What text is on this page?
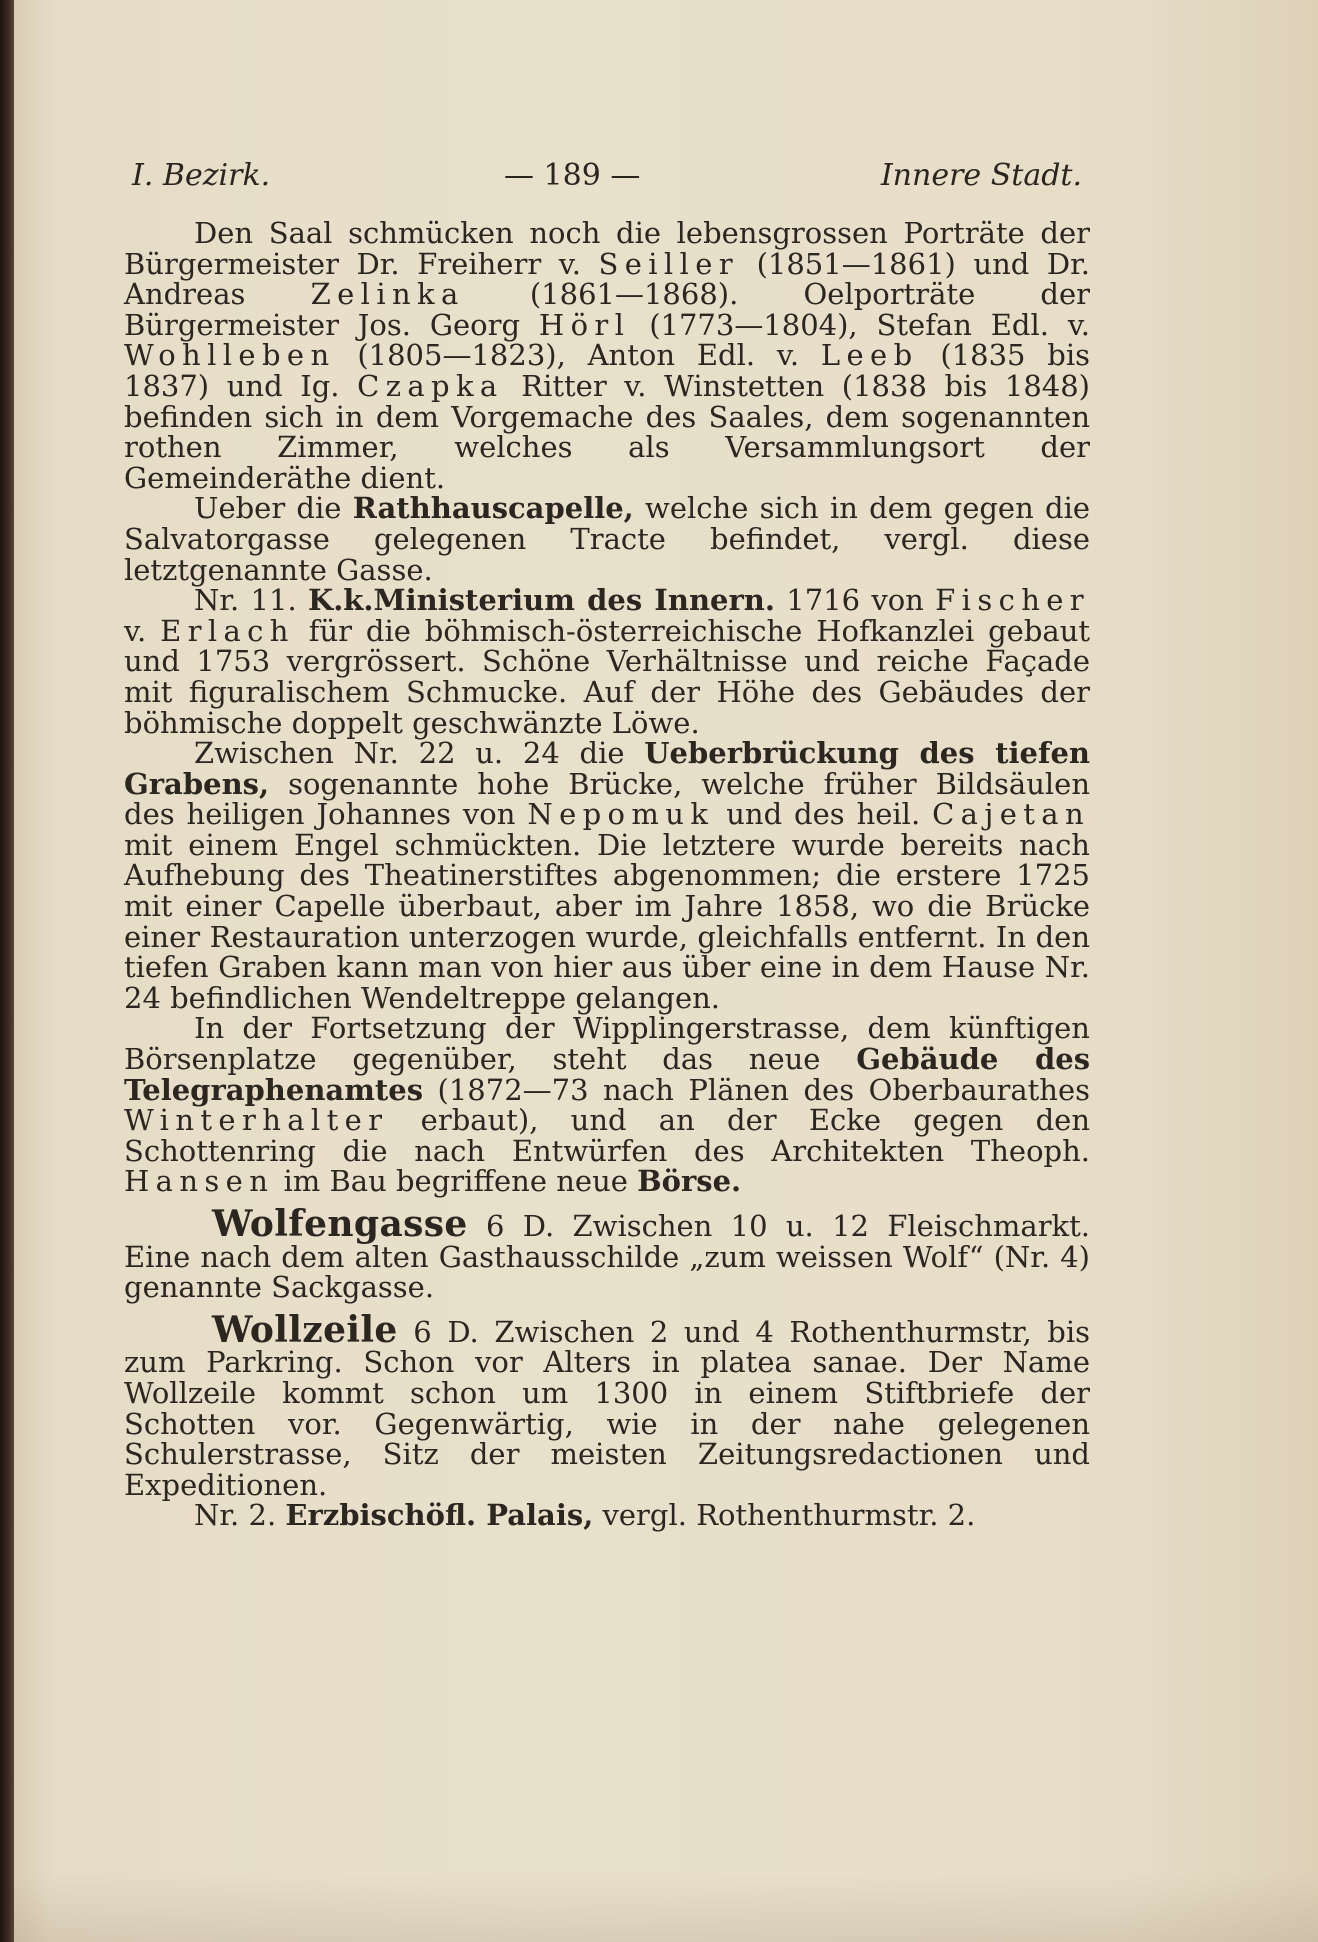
I. Bezirk.	— 189 —	Innere Stadt.
Den Saal schmücken noch die lebensgrossen Porträte der Bürgermeister Dr. Freiherr v. Seiller (1851—1861) und Dr. Andreas Zelinka (1861—1868). Oelporträte der Bürgermeister Jos. Georg Hörl (1773—1804), Stefan Edl. v. Wohlleben (1805—1823), Anton Edl. v. Leeb (1835 bis 1837) und Ig. Czapka Ritter v. Winstetten (1838 bis 1848) befinden sich in dem Vorgemache des Saales, dem sogenannten rothen Zimmer, welches als Versammlungsort der Gemeinderäthe dient.
Ueber die Rathhauscapelle, welche sich in dem gegen die Salvatorgasse gelegenen Tracte befindet, vergl. diese letztgenannte Gasse.
Nr. 11. K.k.Ministerium des Innern. 1716 von Fischer v. Erlach für die böhmisch-österreichische Hofkanzlei gebaut und 1753 vergrössert. Schöne Verhältnisse und reiche Façade mit figuralischem Schmucke. Auf der Höhe des Gebäudes der böhmische doppelt geschwänzte Löwe.
Zwischen Nr. 22 u. 24 die Ueberbrückung des tiefen Grabens, sogenannte hohe Brücke, welche früher Bildsäulen des heiligen Johannes von Nepomuk und des heil. Cajetan mit einem Engel schmückten. Die letztere wurde bereits nach Aufhebung des Theatinerstiftes abgenommen; die erstere 1725 mit einer Capelle überbaut, aber im Jahre 1858, wo die Brücke einer Restauration unterzogen wurde, gleichfalls entfernt. In den tiefen Graben kann man von hier aus über eine in dem Hause Nr. 24 befindlichen Wendeltreppe gelangen.
In der Fortsetzung der Wipplingerstrasse, dem künftigen Börsenplatze gegenüber, steht das neue Gebäude des Telegraphenamtes (1872—73 nach Plänen des Oberbaurathes Winterhalter erbaut), und an der Ecke gegen den Schottenring die nach Entwürfen des Architekten Theoph. Hansen im Bau begriffene neue Börse.
Wolfengasse 6 D. Zwischen 10 u. 12 Fleischmarkt. Eine nach dem alten Gasthausschilde „zum weissen Wolf“ (Nr. 4) genannte Sackgasse.
Wollzeile 6 D. Zwischen 2 und 4 Rothenthurmstr, bis zum Parkring. Schon vor Alters in platea sanae. Der Name Wollzeile kommt schon um 1300 in einem Stiftbriefe der Schotten vor. Gegenwärtig, wie in der nahe gelegenen Schulerstrasse, Sitz der meisten Zeitungsredactionen und Expeditionen.
Nr. 2. Erzbischöfl. Palais, vergl. Rothenthurmstr. 2.
